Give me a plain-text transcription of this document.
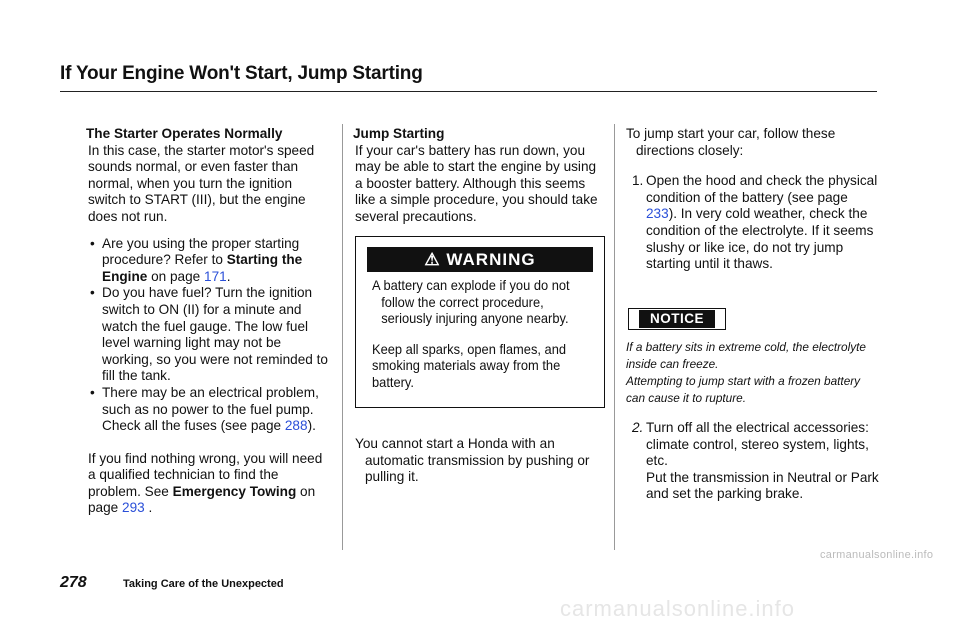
If Your Engine Won't Start, Jump Starting

The Starter Operates Normally

In this case, the starter motor's speed sounds normal, or even faster than normal, when you turn the ignition switch to START (III), but the engine does not run.

• Are you using the proper starting procedure? Refer to Starting the Engine on page 171.
• Do you have fuel? Turn the ignition switch to ON (II) for a minute and watch the fuel gauge. The low fuel level warning light may not be working, so you were not reminded to fill the tank.
• There may be an electrical problem, such as no power to the fuel pump. Check all the fuses (see page 288).

If you find nothing wrong, you will need a qualified technician to find the problem. See Emergency Towing on page 293 .

Jump Starting

If your car's battery has run down, you may be able to start the engine by using a booster battery. Although this seems like a simple procedure, you should take several precautions.

⚠ WARNING

A battery can explode if you do not follow the correct procedure, seriously injuring anyone nearby.

Keep all sparks, open flames, and smoking materials away from the battery.

You cannot start a Honda with an automatic transmission by pushing or pulling it.

To jump start your car, follow these directions closely:

1. Open the hood and check the physical condition of the battery (see page 233). In very cold weather, check the condition of the electrolyte. If it seems slushy or like ice, do not try jump starting until it thaws.
NOTICE

If a battery sits in extreme cold, the electrolyte inside can freeze.

Attempting to jump start with a frozen battery can cause it to rupture.

2. Turn off all the electrical accessories: climate control, stereo system, lights, etc.
Put the transmission in Neutral or Park and set the parking brake.
278	Taking Care of the Unexpected
carmanualsonline.info
carmanualsonline.info
